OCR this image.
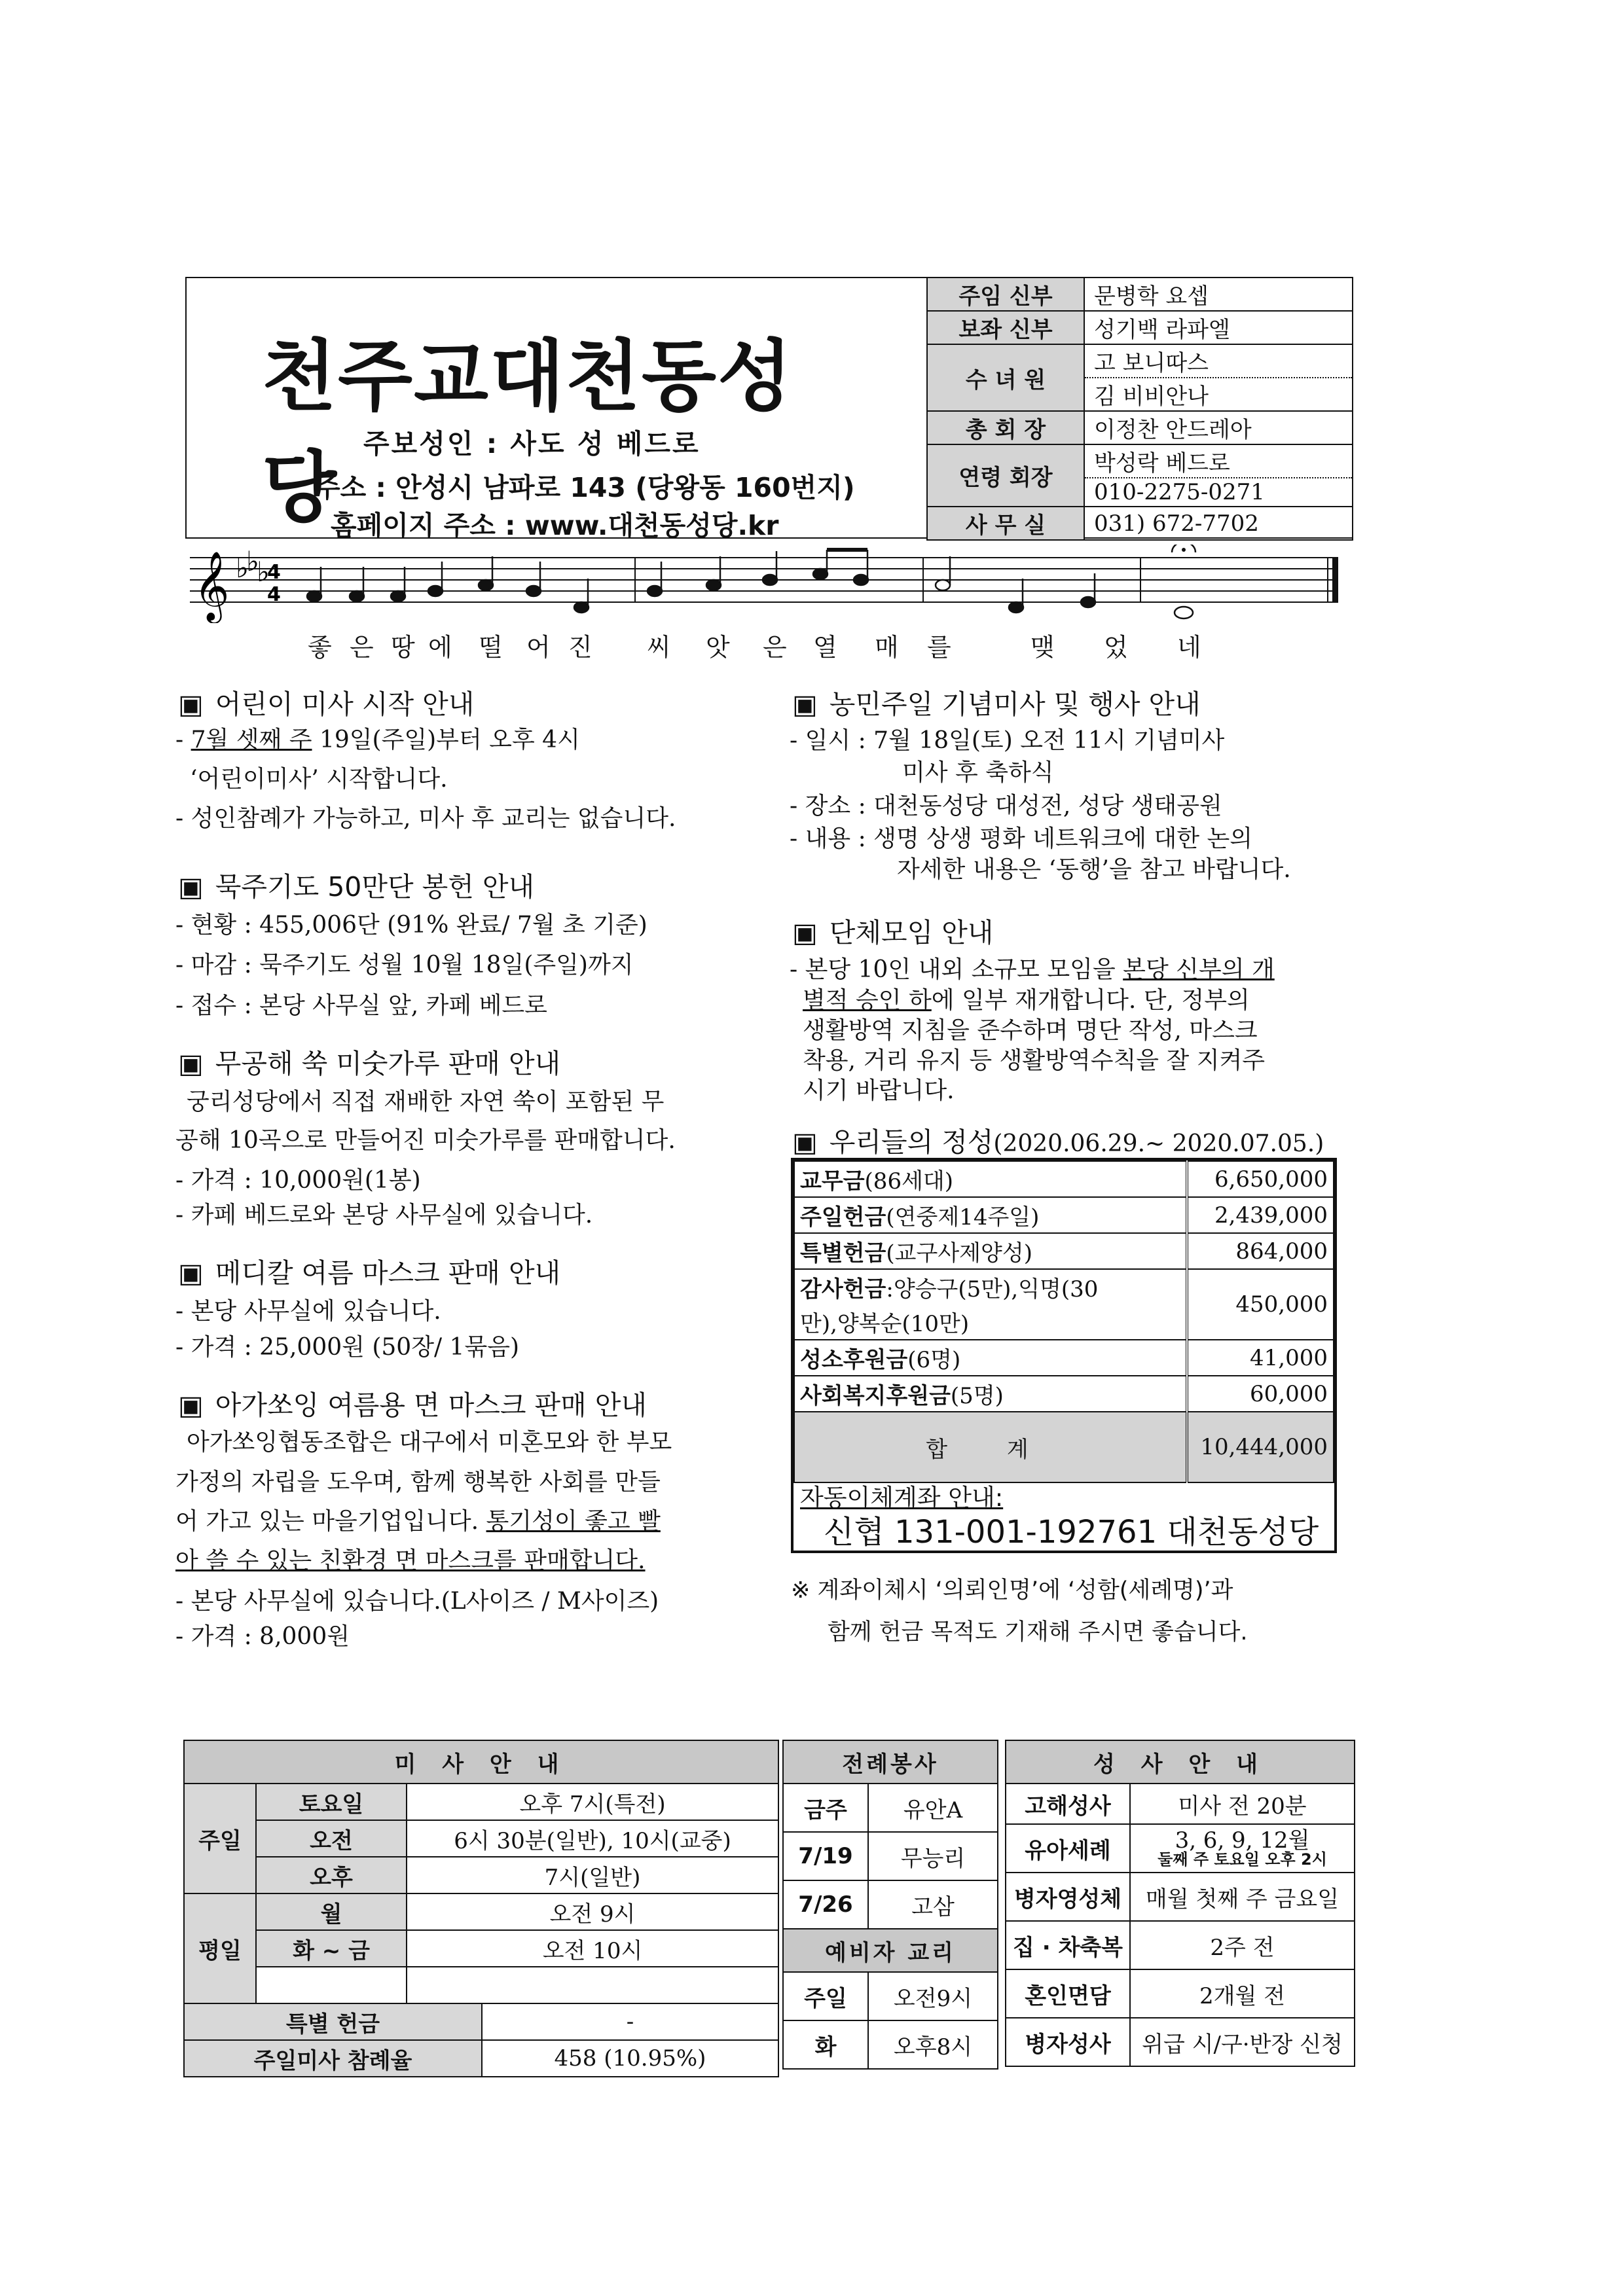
천주교대천동성당 주보성인 : 사도 성 베드로
주소 : 안성시 남파로 143 (당왕동 160번지)
홈페이지 주소 : www.대천동성당.kr
주임 신부	문병학 요셉
보좌 신부	성기백 라파엘
수 녀 원	고 보니따스
	김 비비안나
총 회 장	이정찬 안드레아
연령 회장	박성락 베드로
	010-2275-0271
사 무 실	031) 672-7702
𝄞 ♭
♭
♭
4
4
좋 은 땅 에 떨 어 진 씨 앗 은 열 매 를	맺 었 네
▣ 어린이 미사 시작 안내
- 7월 셋째 주 19일(주일)부터 오후 4시
‘어린이미사’ 시작합니다.
- 성인참례가 가능하고, 미사 후 교리는 없습니다.
▣ 묵주기도 50만단 봉헌 안내
- 현황 : 455,006단 (91% 완료/ 7월 초 기준)
- 마감 : 묵주기도 성월 10월 18일(주일)까지
- 접수 : 본당 사무실 앞, 카페 베드로
▣ 무공해 쑥 미숫가루 판매 안내
궁리성당에서 직접 재배한 자연 쑥이 포함된 무
공해 10곡으로 만들어진 미숫가루를 판매합니다.
- 가격 : 10,000원(1봉)
- 카페 베드로와 본당 사무실에 있습니다.
▣ 메디칼 여름 마스크 판매 안내
- 본당 사무실에 있습니다.
- 가격 : 25,000원 (50장/ 1묶음)
▣ 아가쏘잉 여름용 면 마스크 판매 안내
아가쏘잉협동조합은 대구에서 미혼모와 한 부모
가정의 자립을 도우며, 함께 행복한 사회를 만들
어 가고 있는 마을기업입니다. 통기성이 좋고 빨
아 쓸 수 있는 친환경 면 마스크를 판매합니다.
- 본당 사무실에 있습니다.(L사이즈 / M사이즈)
- 가격 : 8,000원
▣ 농민주일 기념미사 및 행사 안내
- 일시 : 7월 18일(토) 오전 11시 기념미사
미사 후 축하식
- 장소 : 대천동성당 대성전, 성당 생태공원
- 내용 : 생명 상생 평화 네트워크에 대한 논의
자세한 내용은 ‘동행’을 참고 바랍니다.
▣ 단체모임 안내
- 본당 10인 내외 소규모 모임을 본당 신부의 개
별적 승인 하에 일부 재개합니다. 단, 정부의
생활방역 지침을 준수하며 명단 작성, 마스크
착용, 거리 유지 등 생활방역수칙을 잘 지켜주
시기 바랍니다.
▣ 우리들의 정성(2020.06.29.~ 2020.07.05.)
교무금(86세대)	6,650,000
주일헌금(연중제14주일)	2,439,000
특별헌금(교구사제양성)	864,000
감사헌금:양승구(5만),익명(30	450,000
만),양복순(10만)	
성소후원금(6명)	41,000
사회복지후원금(5명)	60,000
합 계	10,444,000
자동이체계좌 안내:
신협 131-001-192761 대천동성당
※ 계좌이체시 ‘의뢰인명’에 ‘성함(세례명)’과
함께 헌금 목적도 기재해 주시면 좋습니다.
미 사 안 내			
주일	토요일	오후 7시(특전)	
	오전	6시 30분(일반), 10시(교중)	
	오후	7시(일반)	
평일	월	오전 9시	
	화 ~ 금	오전 10시	

특별 헌금			-
주일미사 참례율			458 (10.95%)
전례봉사	
금주	유안A
7/19	무능리
7/26	고삼
예비자 교리	
주일	오전9시
화	오후8시
성 사 안 내	
고해성사	미사 전 20분
유아세례	3, 6, 9, 12월
둘째 주 토요일 오후 2시

병자영성체	매월 첫째 주 금요일
집 · 차축복	2주 전
혼인면담	2개월 전
병자성사	위급 시/구·반장 신청
